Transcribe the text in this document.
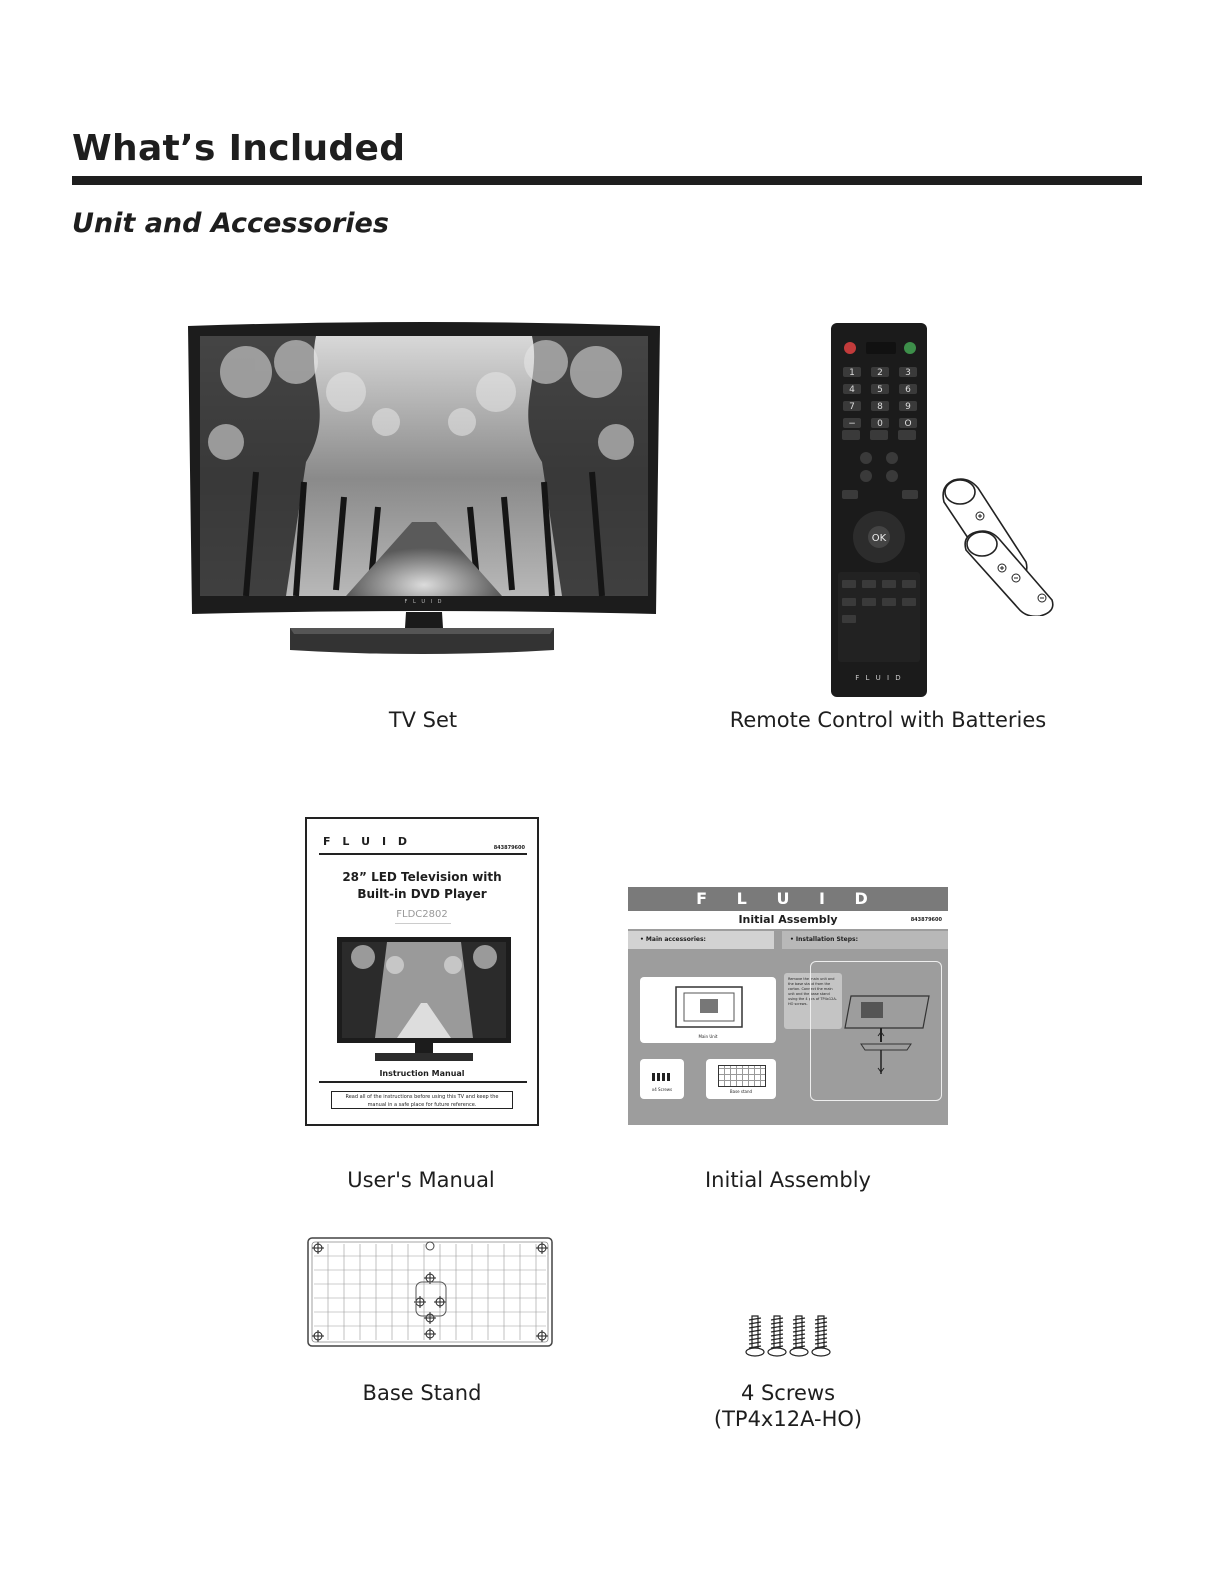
What’s Included
Unit and Accessories
F L U I D
TV Set
1 2 3
4 5 6
7 8 9
− 0 Ο
OK
F L U I D
Remote Control with Batteries
F L U I D	843879600
28” LED Television with
Built-in DVD Player
FLDC2802
Instruction Manual
Read all of the instructions before using this TV and keep the
manual in a safe place for future reference.
User's Manual
F L U I D
Initial Assembly	843879600
• Main accessories:	• Installation Steps:
Main Unit
x4 Screws	Base stand
Remove the main unit and the base stand from the carton. Connect the main unit and the base stand using the 4 pcs of TP4x12A-HO screws.
Initial Assembly
Base Stand	4 Screws
(TP4x12A-HO)
